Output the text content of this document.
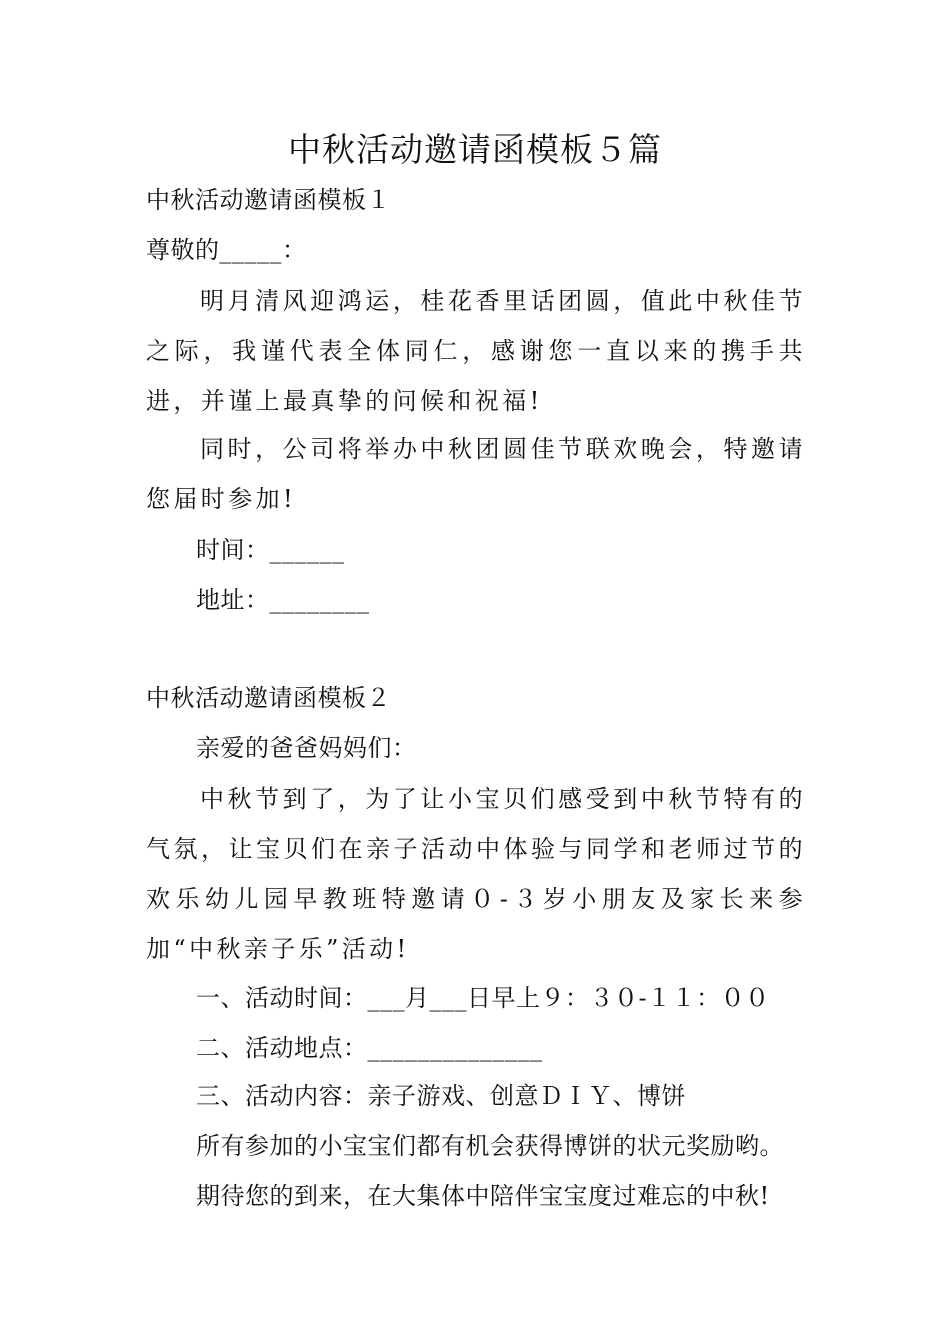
中秋活动邀请函模板５篇
中秋活动邀请函模板１
尊敬的_____：

明月清风迎鸿运，桂花香里话团圆，值此中秋佳节之际，我谨代表全体同仁，感谢您一直以来的携手共进，并谨上最真挚的问候和祝福!

同时，公司将举办中秋团圆佳节联欢晚会，特邀请您届时参加!

时间：______
地址：________
中秋活动邀请函模板２
亲爱的爸爸妈妈们：

中秋节到了，为了让小宝贝们感受到中秋节特有的气氛，让宝贝们在亲子活动中体验与同学和老师过节的欢乐幼儿园早教班特邀请０-３岁小朋友及家长来参加“中秋亲子乐”活动!

一、活动时间：___月___日早上９：３０-１１：００
二、活动地点：______________
三、活动内容：亲子游戏、创意ＤＩＹ、博饼
所有参加的小宝宝们都有机会获得博饼的状元奖励哟。
期待您的到来，在大集体中陪伴宝宝度过难忘的中秋!
